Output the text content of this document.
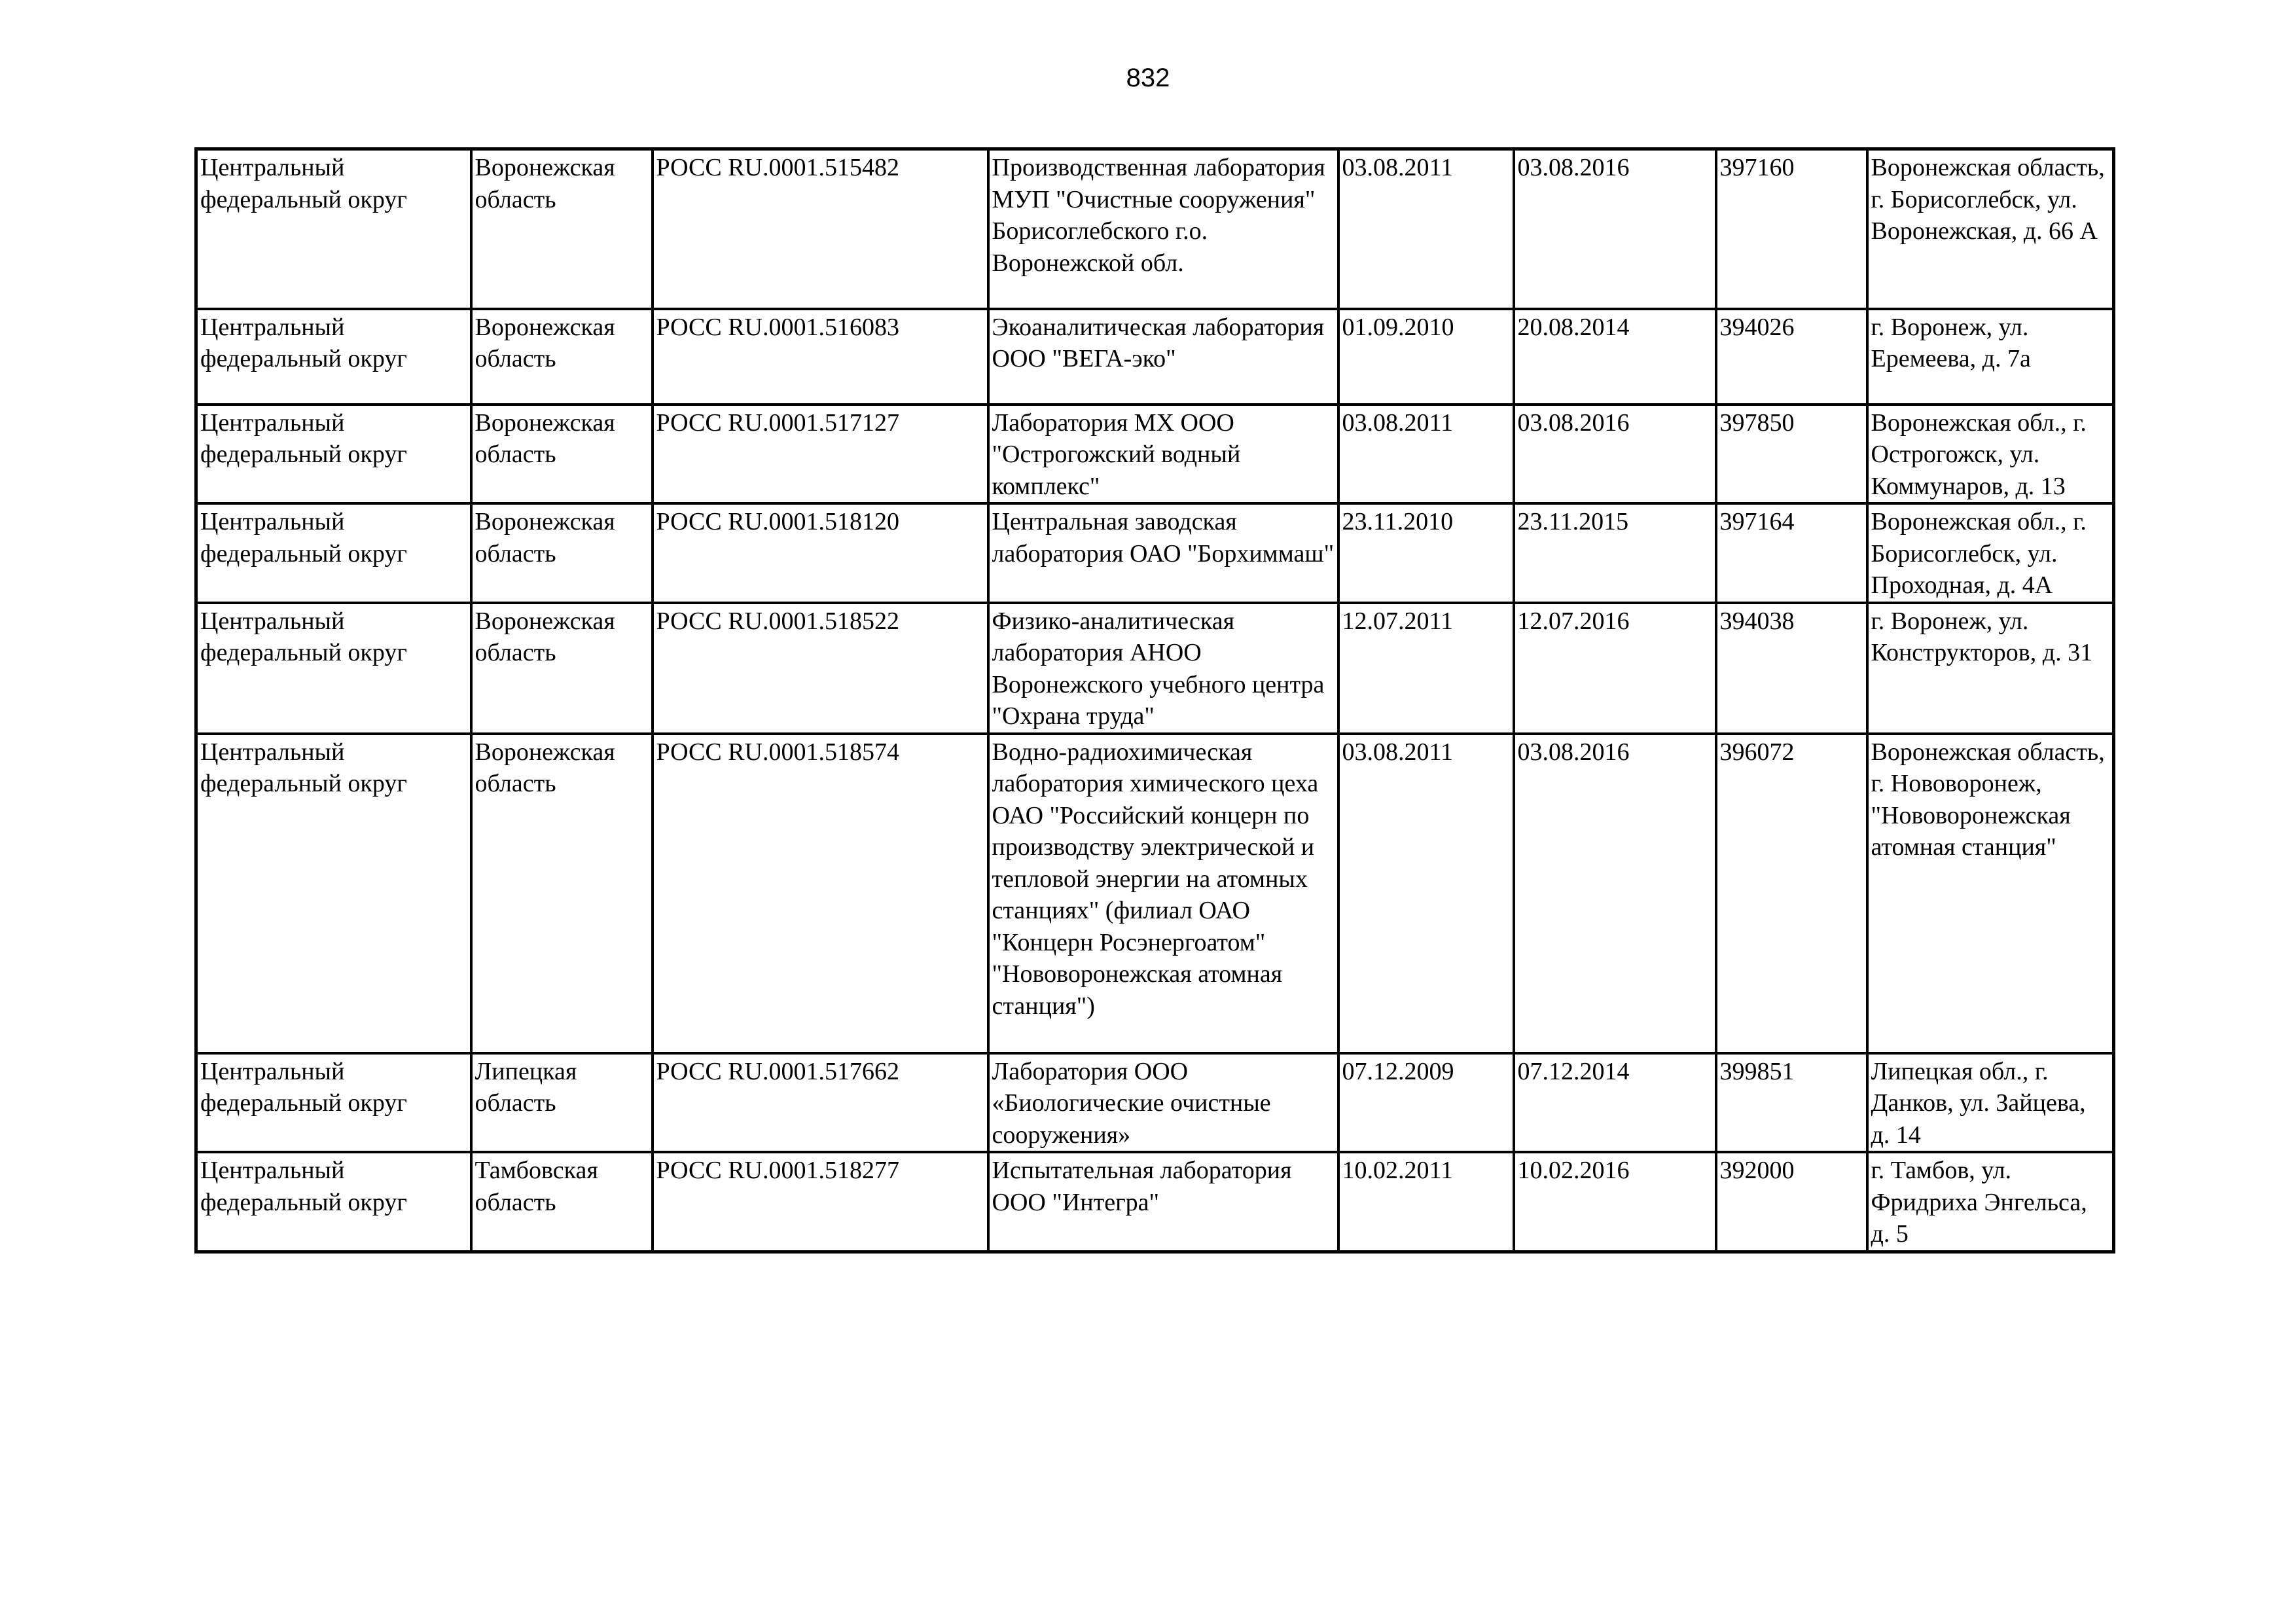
832
Центральный федеральный округ	Воронежская область	РОСС RU.0001.515482	Производственная лаборатория МУП "Очистные сооружения" Борисоглебского г.о. Воронежской обл.	03.08.2011	03.08.2016	397160	Воронежская область, г. Борисоглебск, ул. Воронежская, д. 66 А
Центральный федеральный округ	Воронежская область	РОСС RU.0001.516083	Экоаналитическая лаборатория ООО "ВЕГА-эко"	01.09.2010	20.08.2014	394026	г. Воронеж, ул. Еремеева, д. 7а
Центральный федеральный округ	Воронежская область	РОСС RU.0001.517127	Лаборатория МХ ООО "Острогожский водный комплекс"	03.08.2011	03.08.2016	397850	Воронежская обл., г. Острогожск, ул. Коммунаров, д. 13
Центральный федеральный округ	Воронежская область	РОСС RU.0001.518120	Центральная заводская лаборатория ОАО "Борхиммаш"	23.11.2010	23.11.2015	397164	Воронежская обл., г. Борисоглебск, ул. Проходная, д. 4А
Центральный федеральный округ	Воронежская область	РОСС RU.0001.518522	Физико-аналитическая лаборатория АНОО Воронежского учебного центра "Охрана труда"	12.07.2011	12.07.2016	394038	г. Воронеж, ул. Конструкторов, д. 31
Центральный федеральный округ	Воронежская область	РОСС RU.0001.518574	Водно-радиохимическая лаборатория химического цеха ОАО "Российский концерн по производству электрической и тепловой энергии на атомных станциях" (филиал ОАО "Концерн Росэнергоатом" "Нововоронежская атомная станция")	03.08.2011	03.08.2016	396072	Воронежская область, г. Нововоронеж, "Нововоронежская атомная станция"
Центральный федеральный округ	Липецкая область	РОСС RU.0001.517662	Лаборатория ООО «Биологические очистные сооружения»	07.12.2009	07.12.2014	399851	Липецкая обл., г. Данков, ул. Зайцева, д. 14
Центральный федеральный округ	Тамбовская область	РОСС RU.0001.518277	Испытательная лаборатория ООО "Интегра"	10.02.2011	10.02.2016	392000	г. Тамбов, ул. Фридриха Энгельса, д. 5
